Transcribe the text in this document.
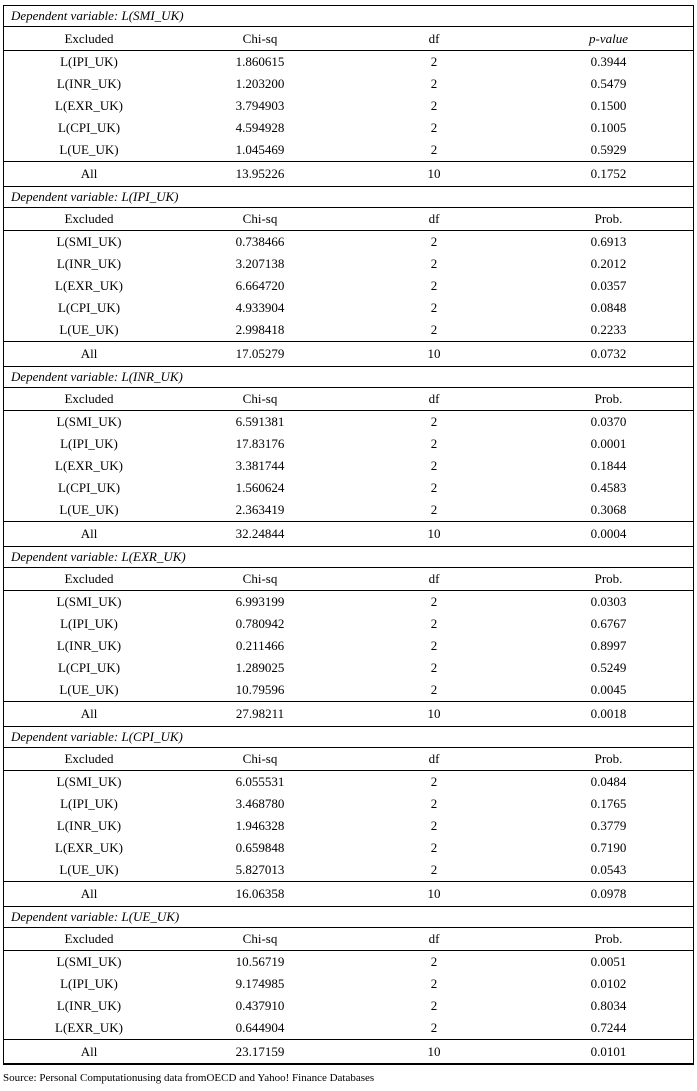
Dependent variable: L(SMI_UK)			
Excluded	Chi-sq	df	p-value
L(IPI_UK)	1.860615	2	0.3944
L(INR_UK)	1.203200	2	0.5479
L(EXR_UK)	3.794903	2	0.1500
L(CPI_UK)	4.594928	2	0.1005
L(UE_UK)	1.045469	2	0.5929
All	13.95226	10	0.1752
Dependent variable: L(IPI_UK)			
Excluded	Chi-sq	df	Prob.
L(SMI_UK)	0.738466	2	0.6913
L(INR_UK)	3.207138	2	0.2012
L(EXR_UK)	6.664720	2	0.0357
L(CPI_UK)	4.933904	2	0.0848
L(UE_UK)	2.998418	2	0.2233
All	17.05279	10	0.0732
Dependent variable: L(INR_UK)			
Excluded	Chi-sq	df	Prob.
L(SMI_UK)	6.591381	2	0.0370
L(IPI_UK)	17.83176	2	0.0001
L(EXR_UK)	3.381744	2	0.1844
L(CPI_UK)	1.560624	2	0.4583
L(UE_UK)	2.363419	2	0.3068
All	32.24844	10	0.0004
Dependent variable: L(EXR_UK)			
Excluded	Chi-sq	df	Prob.
L(SMI_UK)	6.993199	2	0.0303
L(IPI_UK)	0.780942	2	0.6767
L(INR_UK)	0.211466	2	0.8997
L(CPI_UK)	1.289025	2	0.5249
L(UE_UK)	10.79596	2	0.0045
All	27.98211	10	0.0018
Dependent variable: L(CPI_UK)			
Excluded	Chi-sq	df	Prob.
L(SMI_UK)	6.055531	2	0.0484
L(IPI_UK)	3.468780	2	0.1765
L(INR_UK)	1.946328	2	0.3779
L(EXR_UK)	0.659848	2	0.7190
L(UE_UK)	5.827013	2	0.0543
All	16.06358	10	0.0978
Dependent variable: L(UE_UK)			
Excluded	Chi-sq	df	Prob.
L(SMI_UK)	10.56719	2	0.0051
L(IPI_UK)	9.174985	2	0.0102
L(INR_UK)	0.437910	2	0.8034
L(EXR_UK)	0.644904	2	0.7244
All	23.17159	10	0.0101
Source: Personal Computationusing data fromOECD and Yahoo! Finance Databases
